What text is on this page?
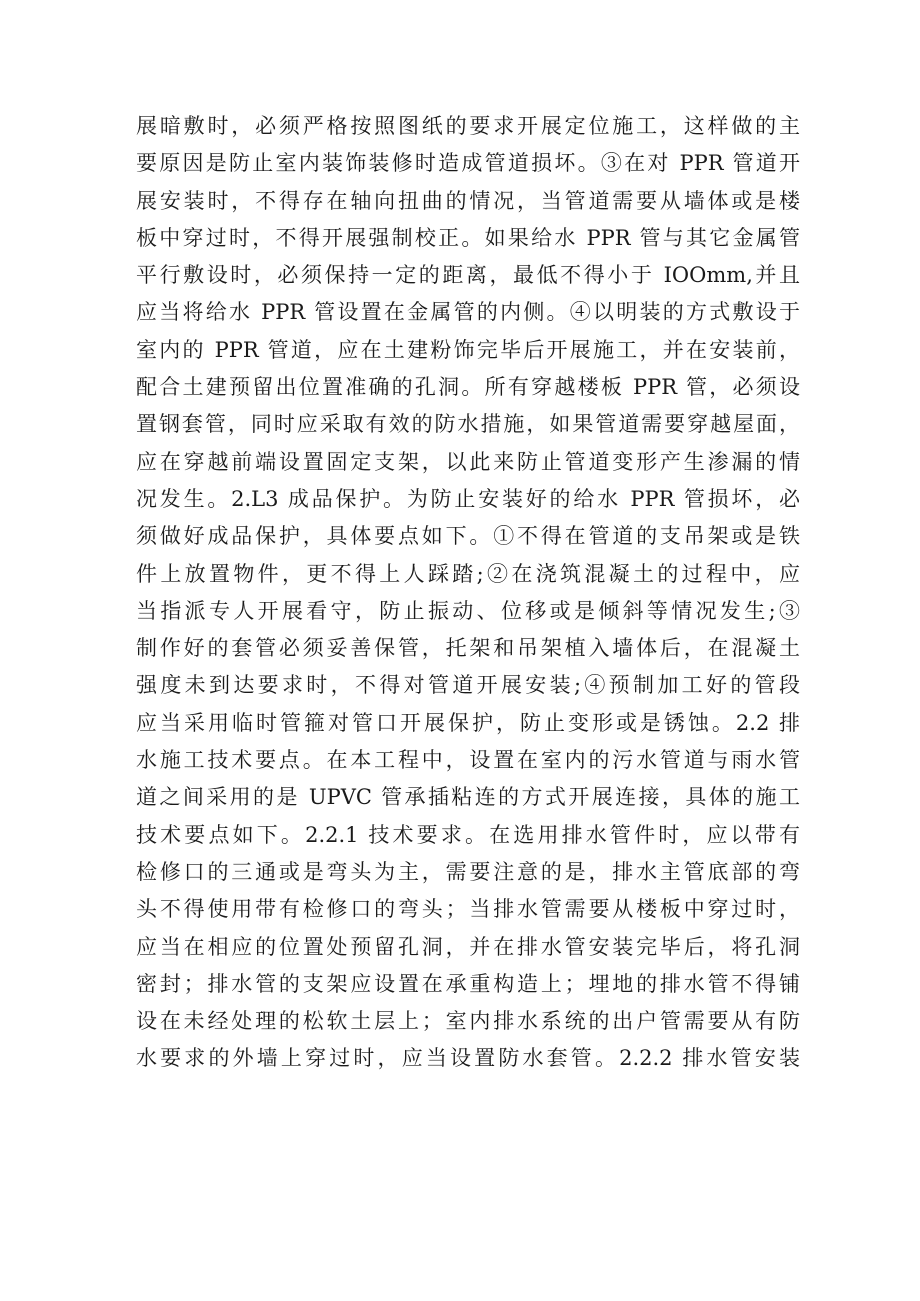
展暗敷时，必须严格按照图纸的要求开展定位施工，这样做的主
要原因是防止室内装饰装修时造成管道损坏。③在对 PPR 管道开
展安装时，不得存在轴向扭曲的情况，当管道需要从墙体或是楼
板中穿过时，不得开展强制校正。如果给水 PPR 管与其它金属管
平行敷设时，必须保持一定的距离，最低不得小于 IOOmm,并且
应当将给水 PPR 管设置在金属管的内侧。④以明装的方式敷设于
室内的 PPR 管道，应在土建粉饰完毕后开展施工，并在安装前，
配合土建预留出位置准确的孔洞。所有穿越楼板 PPR 管，必须设
置钢套管，同时应采取有效的防水措施，如果管道需要穿越屋面，
应在穿越前端设置固定支架，以此来防止管道变形产生渗漏的情
况发生。2.L3 成品保护。为防止安装好的给水 PPR 管损坏，必
须做好成品保护，具体要点如下。①不得在管道的支吊架或是铁
件上放置物件，更不得上人踩踏;②在浇筑混凝土的过程中，应
当指派专人开展看守，防止振动、位移或是倾斜等情况发生;③
制作好的套管必须妥善保管，托架和吊架植入墙体后，在混凝土
强度未到达要求时，不得对管道开展安装;④预制加工好的管段
应当采用临时管箍对管口开展保护，防止变形或是锈蚀。2.2 排
水施工技术要点。在本工程中，设置在室内的污水管道与雨水管
道之间采用的是 UPVC 管承插粘连的方式开展连接，具体的施工
技术要点如下。2.2.1 技术要求。在选用排水管件时，应以带有
检修口的三通或是弯头为主，需要注意的是，排水主管底部的弯
头不得使用带有检修口的弯头；当排水管需要从楼板中穿过时，
应当在相应的位置处预留孔洞，并在排水管安装完毕后，将孔洞
密封；排水管的支架应设置在承重构造上；埋地的排水管不得铺
设在未经处理的松软土层上；室内排水系统的出户管需要从有防
水要求的外墙上穿过时，应当设置防水套管。2.2.2 排水管安装
